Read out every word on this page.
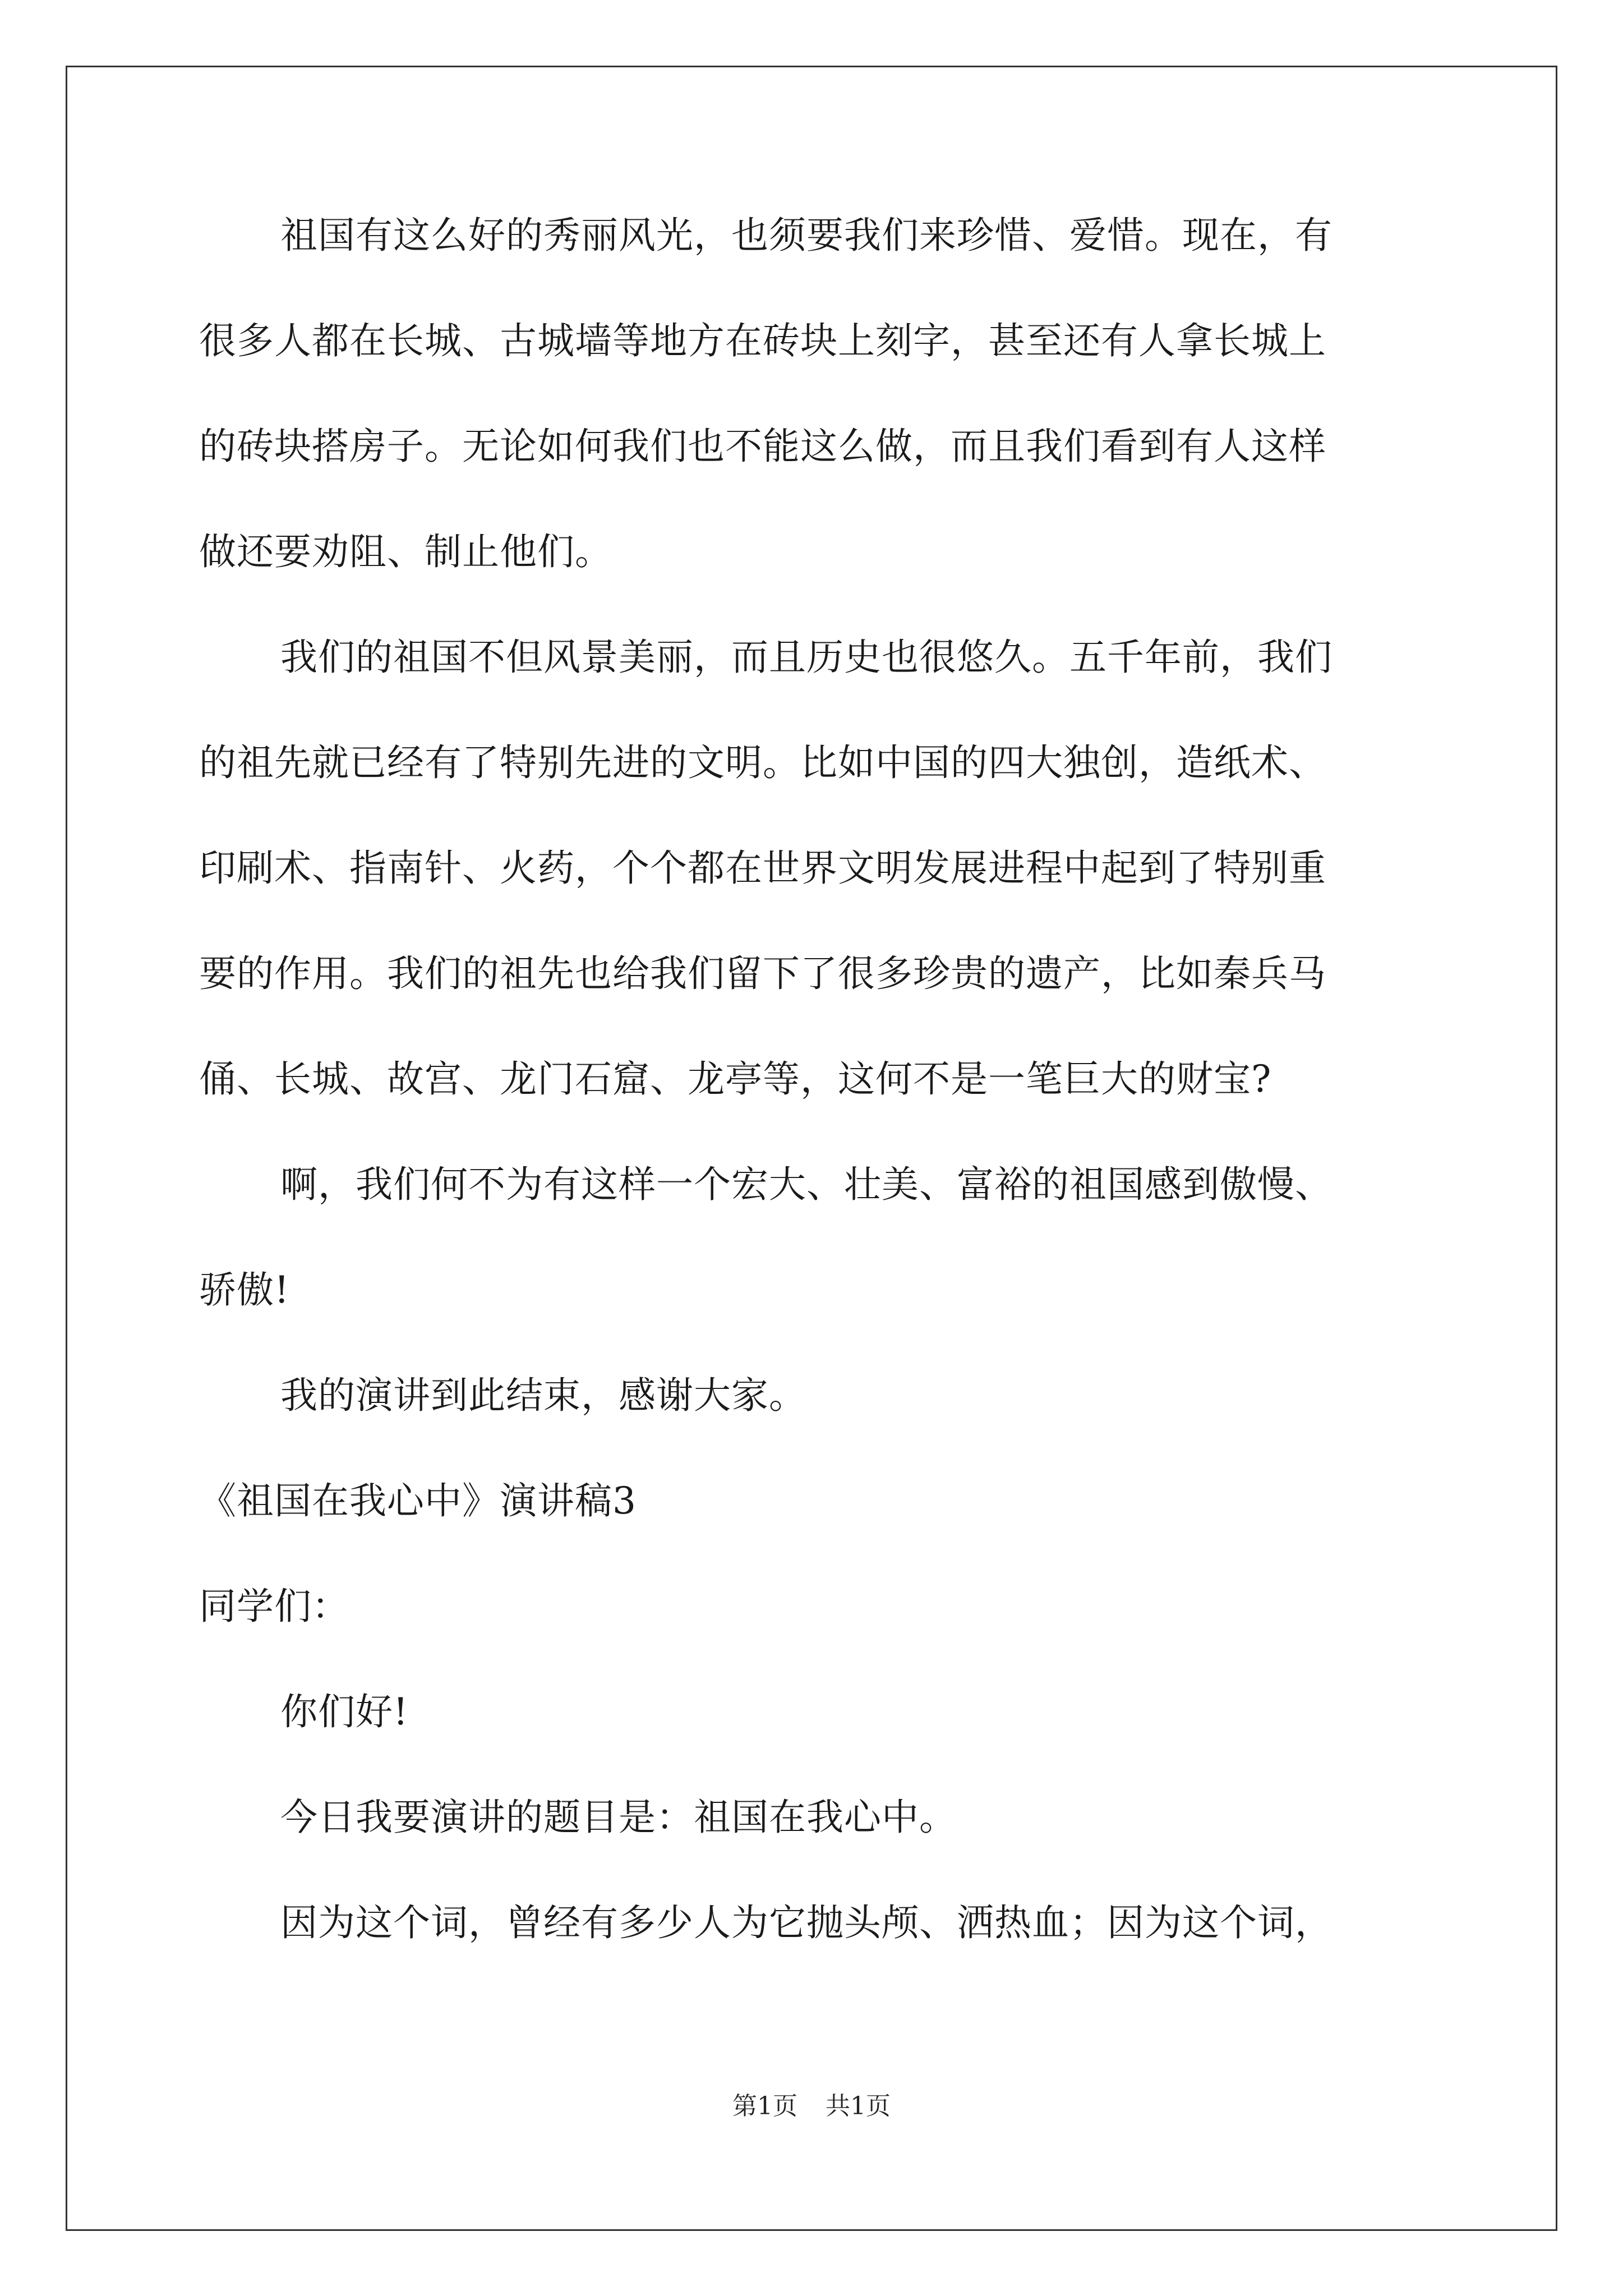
祖国有这么好的秀丽风光，也须要我们来珍惜、爱惜。现在，有
很多人都在长城、古城墙等地方在砖块上刻字，甚至还有人拿长城上
的砖块搭房子。无论如何我们也不能这么做，而且我们看到有人这样
做还要劝阻、制止他们。
我们的祖国不但风景美丽，而且历史也很悠久。五千年前，我们
的祖先就已经有了特别先进的文明。比如中国的四大独创，造纸术、
印刷术、指南针、火药，个个都在世界文明发展进程中起到了特别重
要的作用。我们的祖先也给我们留下了很多珍贵的遗产，比如秦兵马
俑、长城、故宫、龙门石窟、龙亭等，这何不是一笔巨大的财宝?
啊，我们何不为有这样一个宏大、壮美、富裕的祖国感到傲慢、
骄傲!
我的演讲到此结束，感谢大家。
《祖国在我心中》演讲稿3
同学们：
你们好!
今日我要演讲的题目是：祖国在我心中。
因为这个词，曾经有多少人为它抛头颅、洒热血；因为这个词，
第1页 共1页
